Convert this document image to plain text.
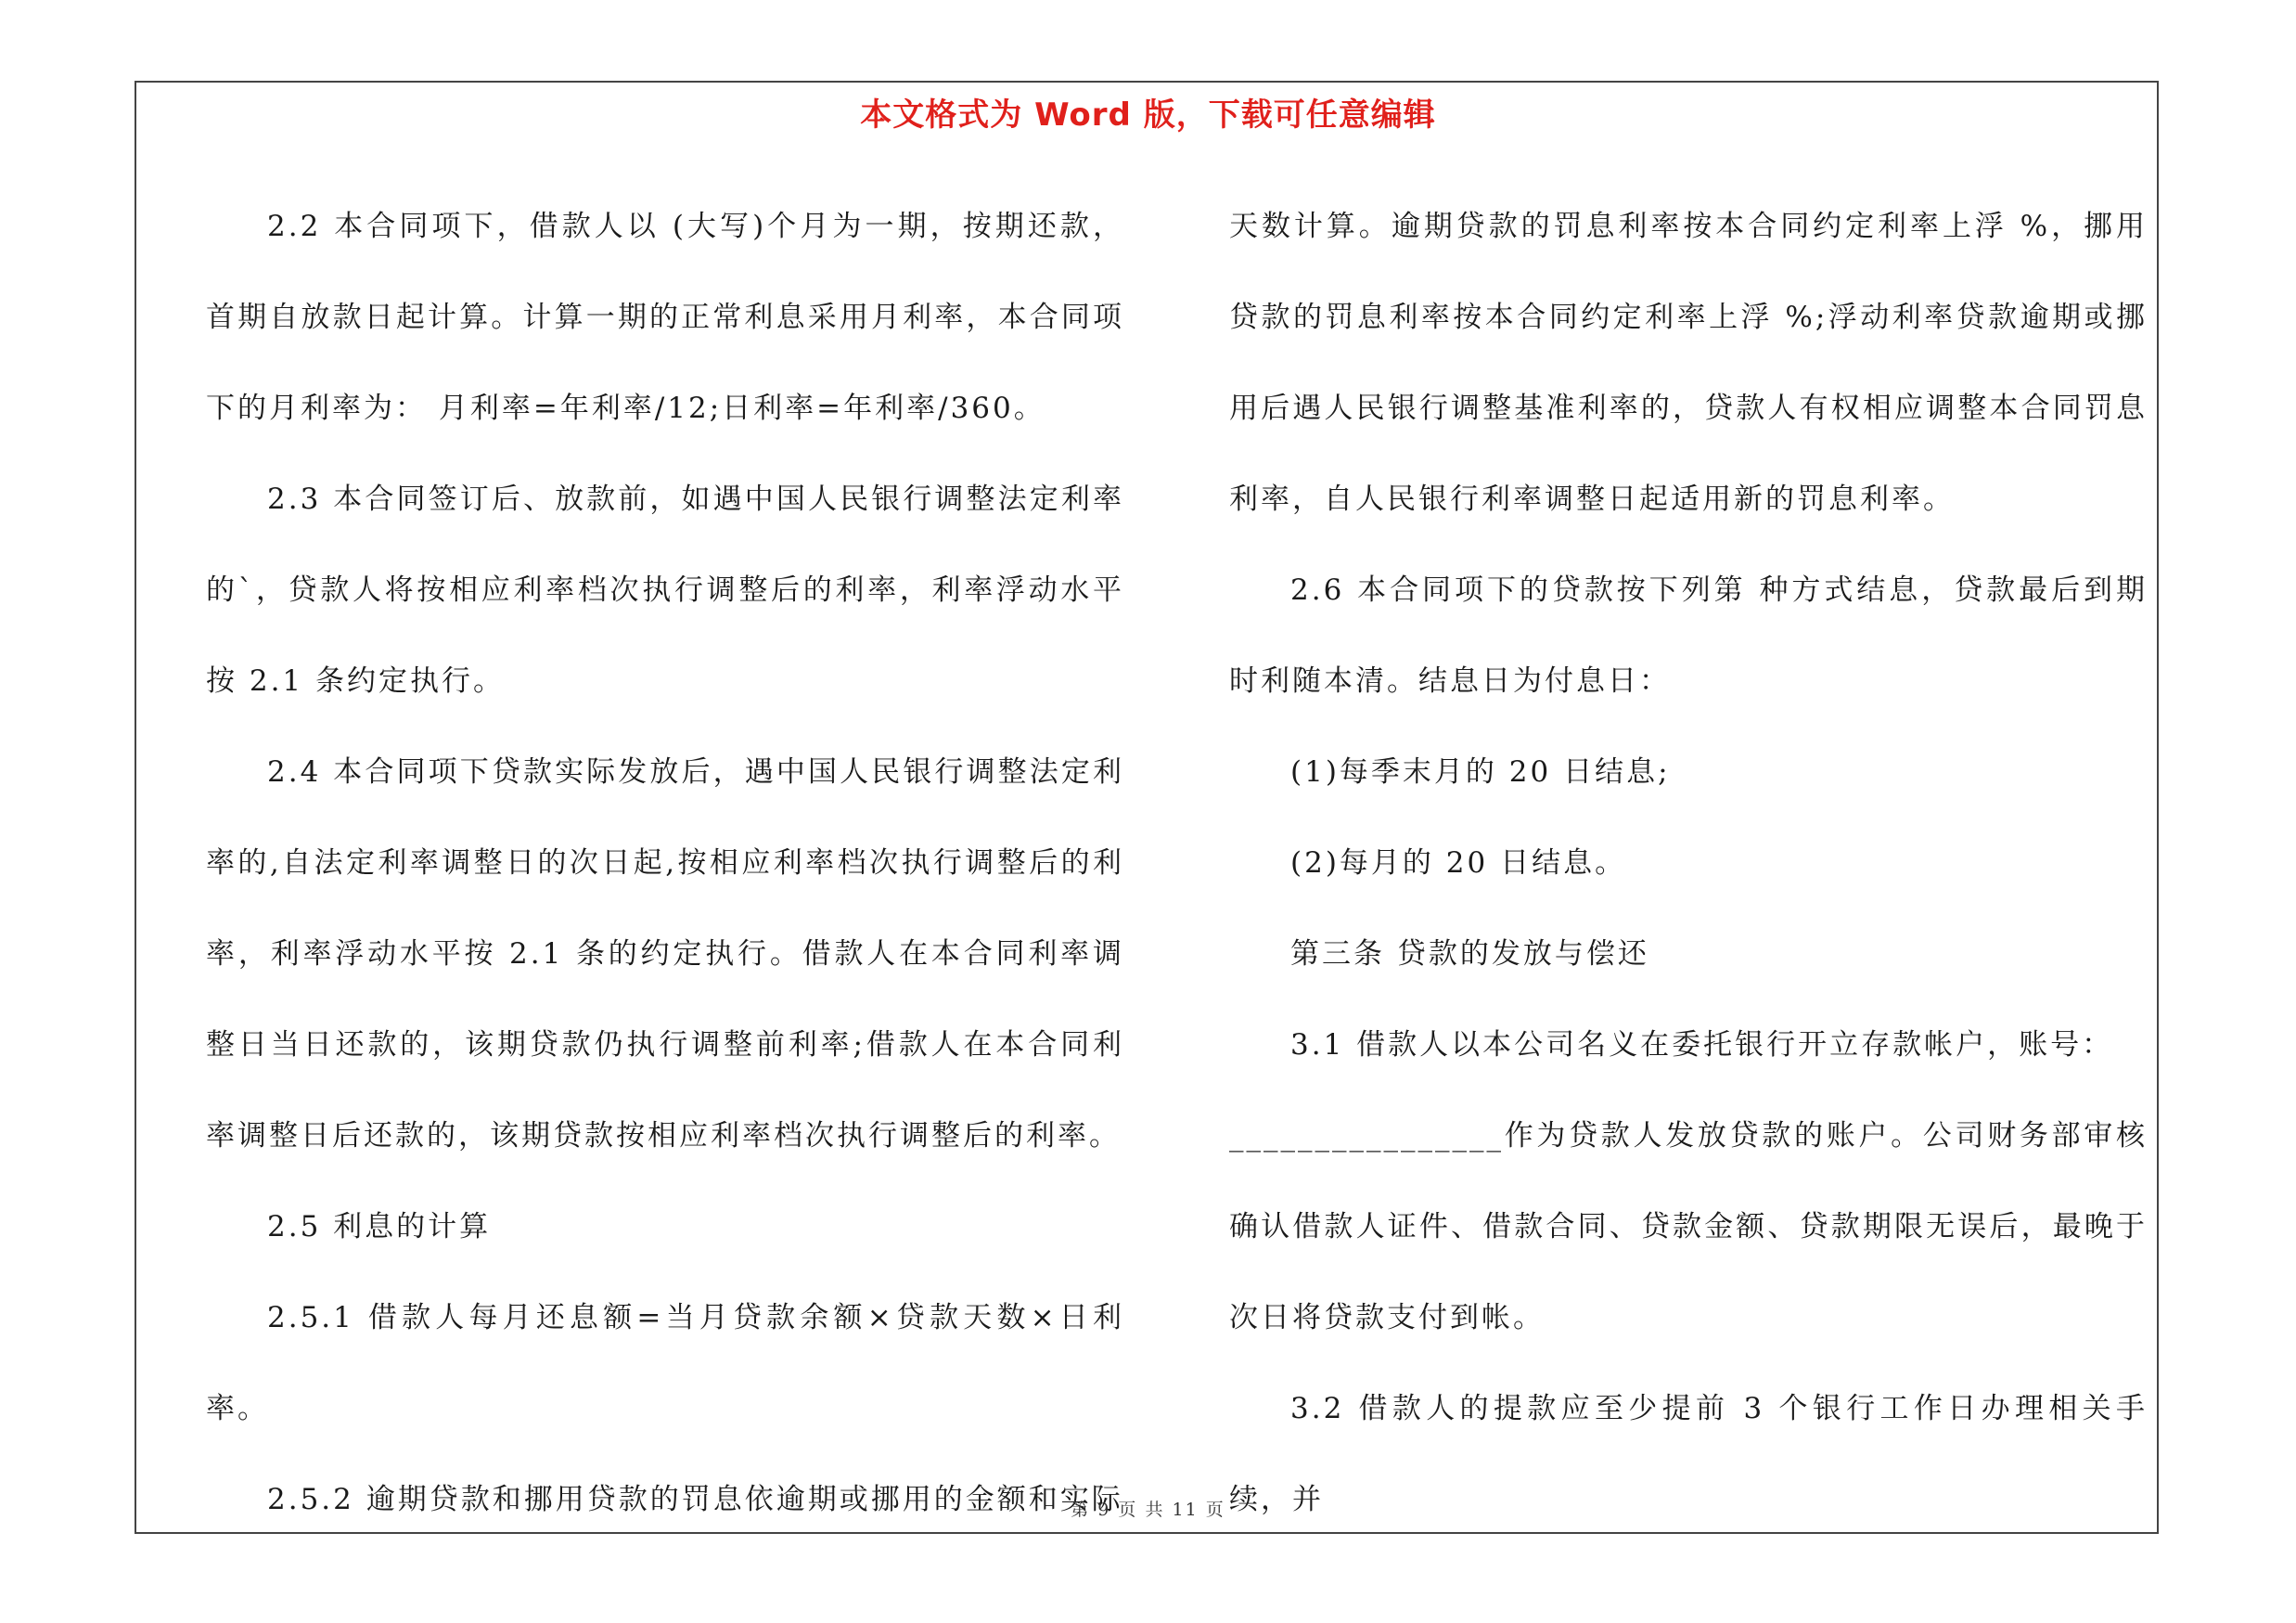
本文格式为 Word 版，下载可任意编辑

2.2 本合同项下，借款人以 (大写)个月为一期，按期还款，首期自放款日起计算。计算一期的正常利息采用月利率，本合同项下的月利率为： 月利率=年利率/12;日利率=年利率/360。

2.3 本合同签订后、放款前，如遇中国人民银行调整法定利率的`，贷款人将按相应利率档次执行调整后的利率，利率浮动水平按 2.1 条约定执行。

2.4 本合同项下贷款实际发放后，遇中国人民银行调整法定利率的,自法定利率调整日的次日起,按相应利率档次执行调整后的利率，利率浮动水平按 2.1 条的约定执行。借款人在本合同利率调整日当日还款的，该期贷款仍执行调整前利率;借款人在本合同利率调整日后还款的，该期贷款按相应利率档次执行调整后的利率。

2.5 利息的计算

2.5.1 借款人每月还息额=当月贷款余额×贷款天数×日利率。

2.5.2 逾期贷款和挪用贷款的罚息依逾期或挪用的金额和实际

天数计算。逾期贷款的罚息利率按本合同约定利率上浮 %，挪用贷款的罚息利率按本合同约定利率上浮 %;浮动利率贷款逾期或挪用后遇人民银行调整基准利率的，贷款人有权相应调整本合同罚息利率，自人民银行利率调整日起适用新的罚息利率。

2.6 本合同项下的贷款按下列第 种方式结息，贷款最后到期时利随本清。结息日为付息日：

(1)每季末月的 20 日结息;

(2)每月的 20 日结息。

第三条 贷款的发放与偿还

3.1 借款人以本公司名义在委托银行开立存款帐户，账号：

________________作为贷款人发放贷款的账户。公司财务部审核确认借款人证件、借款合同、贷款金额、贷款期限无误后，最晚于次日将贷款支付到帐。

3.2 借款人的提款应至少提前 3 个银行工作日办理相关手续，并

第 9 页 共 11 页
